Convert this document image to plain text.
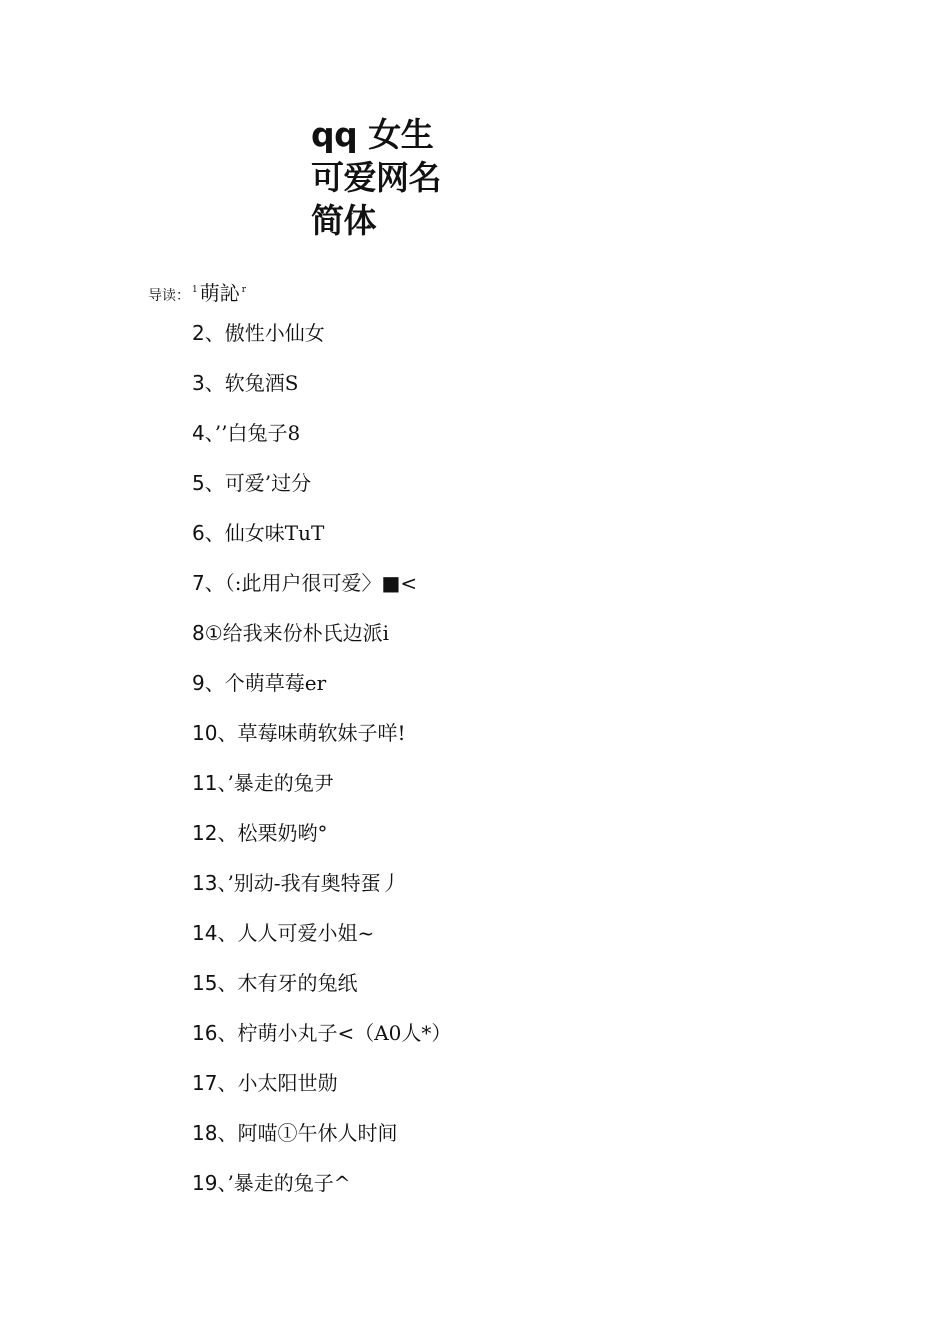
qq 女生
可爱网名
简体
导读： $^1$ 萌訫 $^r$
2、傲性小仙女
3、软兔酒S
4、’’白兔子8
5、可爱’过分
6、仙女味TuT
7、（:此用户很可爱〉■<
8①给我来份朴氏边派i
9、个萌草莓er
10、草莓味萌软妹子咩!
11、’暴走的兔尹
12、松栗奶哟°
13、’别动-我有奥特蛋丿
14、人人可爱小姐~
15、木有牙的兔纸
16、柠萌小丸子<（A0人*）
17、小太阳世勋
18、阿喵①午休人时间
19、’暴走的兔子^
